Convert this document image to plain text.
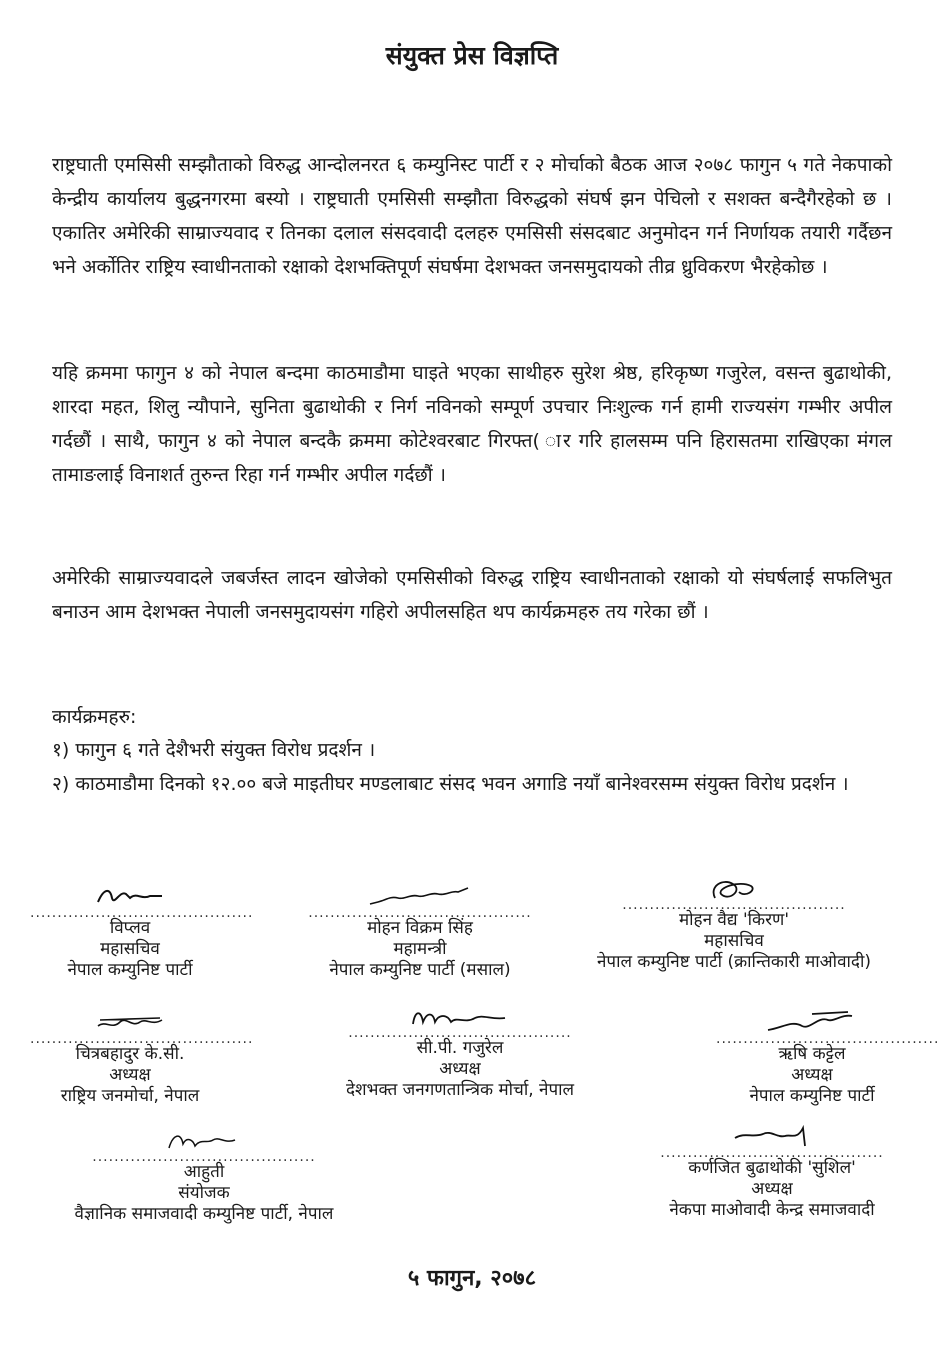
संयुक्त प्रेस विज्ञप्ति

राष्ट्रघाती एमसिसी सम्झौताको विरुद्ध आन्दोलनरत ६ कम्युनिस्ट पार्टी र २ मोर्चाको बैठक आज २०७८ फागुन ५ गते नेकपाको केन्द्रीय कार्यालय बुद्धनगरमा बस्यो । राष्ट्रघाती एमसिसी सम्झौता विरुद्धको संघर्ष झन पेचिलो र सशक्त बन्दैगैरहेको छ । एकातिर अमेरिकी साम्राज्यवाद र तिनका दलाल संसदवादी दलहरु एमसिसी संसदबाट अनुमोदन गर्न निर्णायक तयारी गर्दैछन भने अर्कोतिर राष्ट्रिय स्वाधीनताको रक्षाको देशभक्तिपूर्ण संघर्षमा देशभक्त जनसमुदायको तीव्र ध्रुविकरण भैरहेकोछ ।

यहि क्रममा फागुन ४ को नेपाल बन्दमा काठमाडौमा घाइते भएका साथीहरु सुरेश श्रेष्ठ, हरिकृष्ण गजुरेल, वसन्त बुढाथोकी, शारदा महत, शिलु न्यौपाने, सुनिता बुढाथोकी र निर्ग नविनको सम्पूर्ण उपचार निःशुल्क गर्न हामी राज्यसंग गम्भीर अपील गर्दछौं । साथै, फागुन ४ को नेपाल बन्दकै क्रममा कोटेश्वरबाट गिरफ्त( ार गरि हालसम्म पनि हिरासतमा राखिएका मंगल तामाङलाई विनाशर्त तुरुन्त रिहा गर्न गम्भीर अपील गर्दछौं ।

अमेरिकी साम्राज्यवादले जबर्जस्त लादन खोजेको एमसिसीको विरुद्ध राष्ट्रिय स्वाधीनताको रक्षाको यो संघर्षलाई सफलिभुत बनाउन आम देशभक्त नेपाली जनसमुदायसंग गहिरो अपीलसहित थप कार्यक्रमहरु तय गरेका छौं ।

कार्यक्रमहरु:

१) फागुन ६ गते देशैभरी संयुक्त विरोध प्रदर्शन ।

२) काठमाडौमा दिनको १२.०० बजे माइतीघर मण्डलाबाट संसद भवन अगाडि नयाँ बानेश्वरसम्म संयुक्त विरोध प्रदर्शन ।

.........................................
विप्लव
महासचिव
नेपाल कम्युनिष्ट पार्टी
.........................................
मोहन विक्रम सिंह
महामन्त्री
नेपाल कम्युनिष्ट पार्टी (मसाल)
.........................................
मोहन वैद्य 'किरण'
महासचिव
नेपाल कम्युनिष्ट पार्टी (क्रान्तिकारी माओवादी)
.........................................
चित्रबहादुर के.सी.
अध्यक्ष
राष्ट्रिय जनमोर्चा, नेपाल
.........................................
सी.पी. गजुरेल
अध्यक्ष
देशभक्त जनगणतान्त्रिक मोर्चा, नेपाल
.........................................
ऋषि कट्टेल
अध्यक्ष
नेपाल कम्युनिष्ट पार्टी
.........................................
आहुती
संयोजक
वैज्ञानिक समाजवादी कम्युनिष्ट पार्टी, नेपाल
.........................................
कर्णजित बुढाथोकी 'सुशिल'
अध्यक्ष
नेकपा माओवादी केन्द्र समाजवादी
५ फागुन, २०७८
